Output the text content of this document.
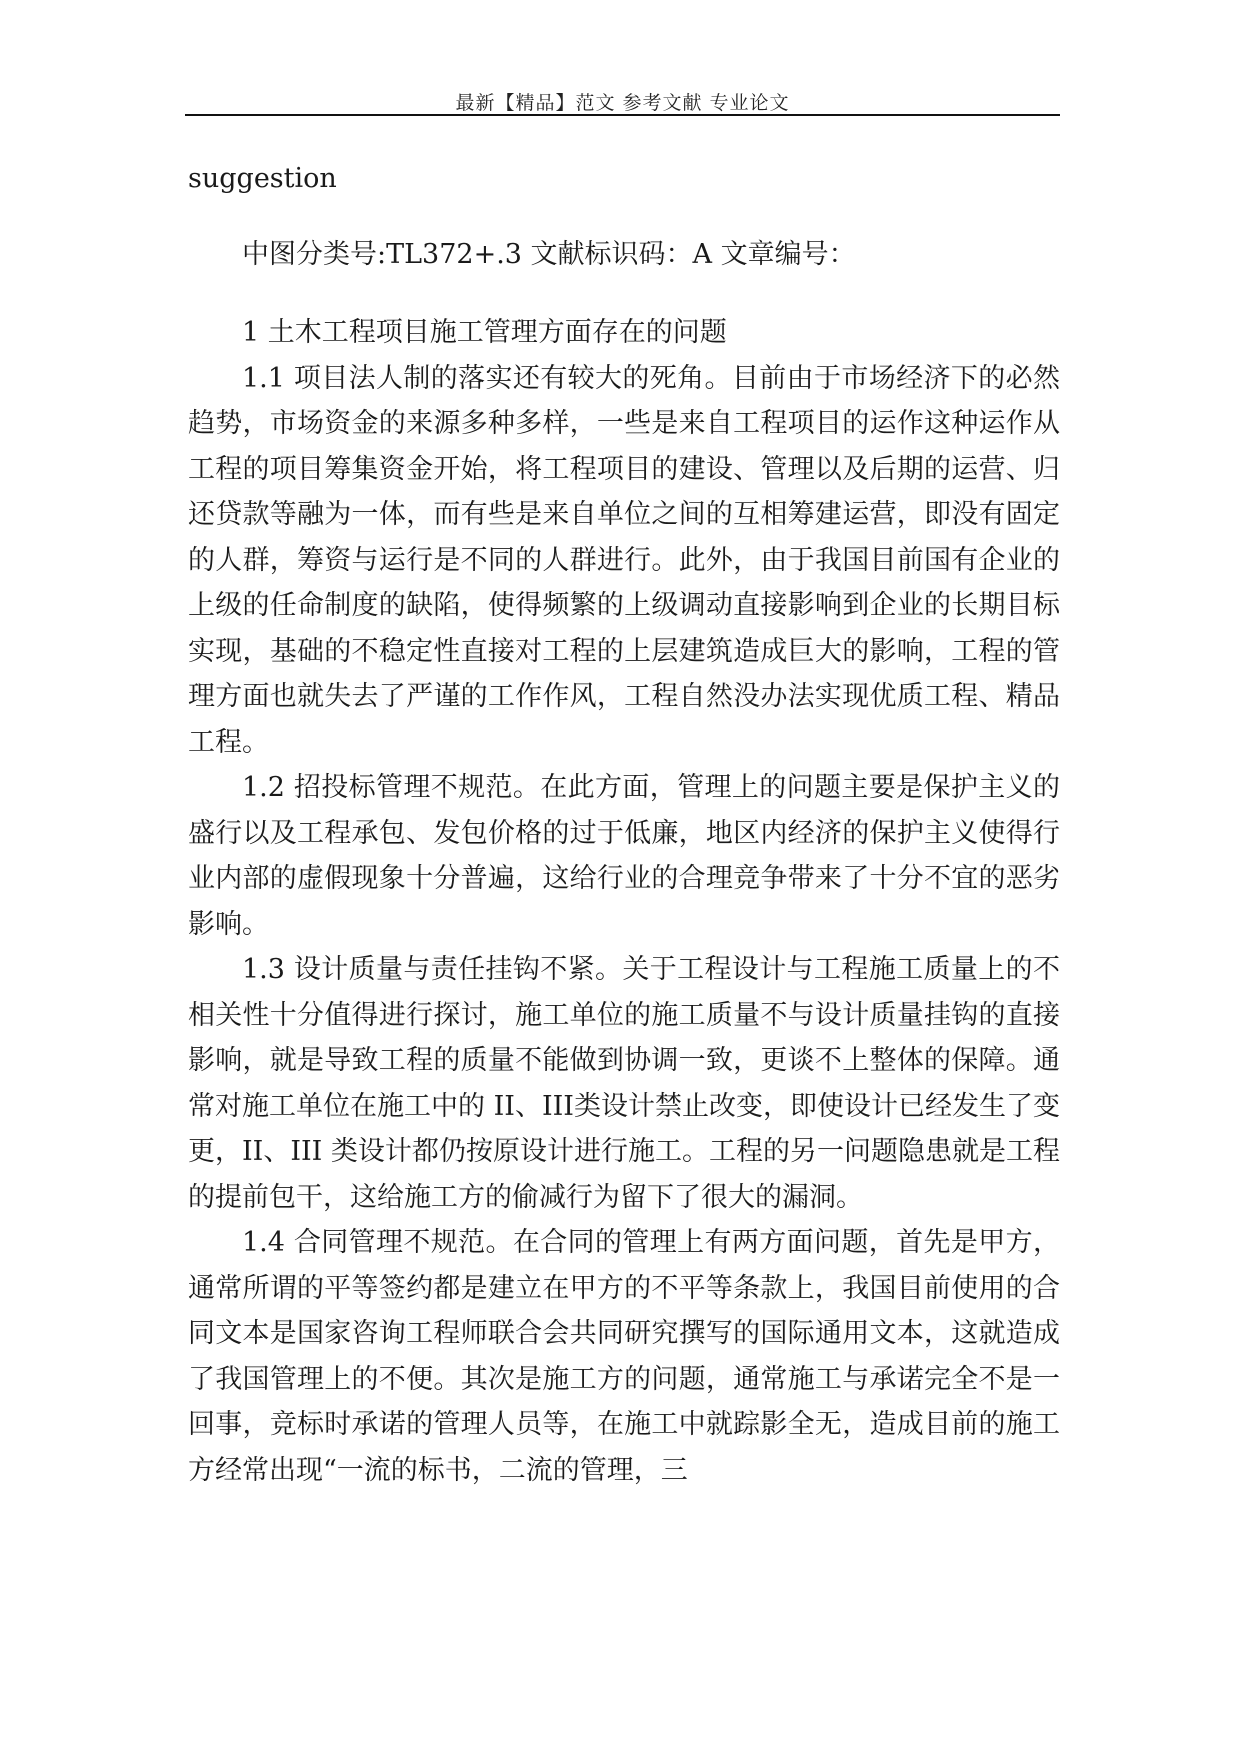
最新【精品】范文 参考文献 专业论文

suggestion

中图分类号:TL372+.3 文献标识码：A 文章编号：

1 土木工程项目施工管理方面存在的问题

1.1 项目法人制的落实还有较大的死角。目前由于市场经济下的必然趋势，市场资金的来源多种多样，一些是来自工程项目的运作这种运作从工程的项目筹集资金开始，将工程项目的建设、管理以及后期的运营、归还贷款等融为一体，而有些是来自单位之间的互相筹建运营，即没有固定的人群，筹资与运行是不同的人群进行。此外，由于我国目前国有企业的上级的任命制度的缺陷，使得频繁的上级调动直接影响到企业的长期目标实现，基础的不稳定性直接对工程的上层建筑造成巨大的影响，工程的管理方面也就失去了严谨的工作作风，工程自然没办法实现优质工程、精品工程。

1.2 招投标管理不规范。在此方面，管理上的问题主要是保护主义的盛行以及工程承包、发包价格的过于低廉，地区内经济的保护主义使得行业内部的虚假现象十分普遍，这给行业的合理竞争带来了十分不宜的恶劣影响。

1.3 设计质量与责任挂钩不紧。关于工程设计与工程施工质量上的不相关性十分值得进行探讨，施工单位的施工质量不与设计质量挂钩的直接影响，就是导致工程的质量不能做到协调一致，更谈不上整体的保障。通常对施工单位在施工中的 II、III类设计禁止改变，即使设计已经发生了变更，II、III 类设计都仍按原设计进行施工。工程的另一问题隐患就是工程的提前包干，这给施工方的偷减行为留下了很大的漏洞。

1.4 合同管理不规范。在合同的管理上有两方面问题，首先是甲方，通常所谓的平等签约都是建立在甲方的不平等条款上，我国目前使用的合同文本是国家咨询工程师联合会共同研究撰写的国际通用文本，这就造成了我国管理上的不便。其次是施工方的问题，通常施工与承诺完全不是一回事，竞标时承诺的管理人员等，在施工中就踪影全无，造成目前的施工方经常出现“一流的标书，二流的管理，三
